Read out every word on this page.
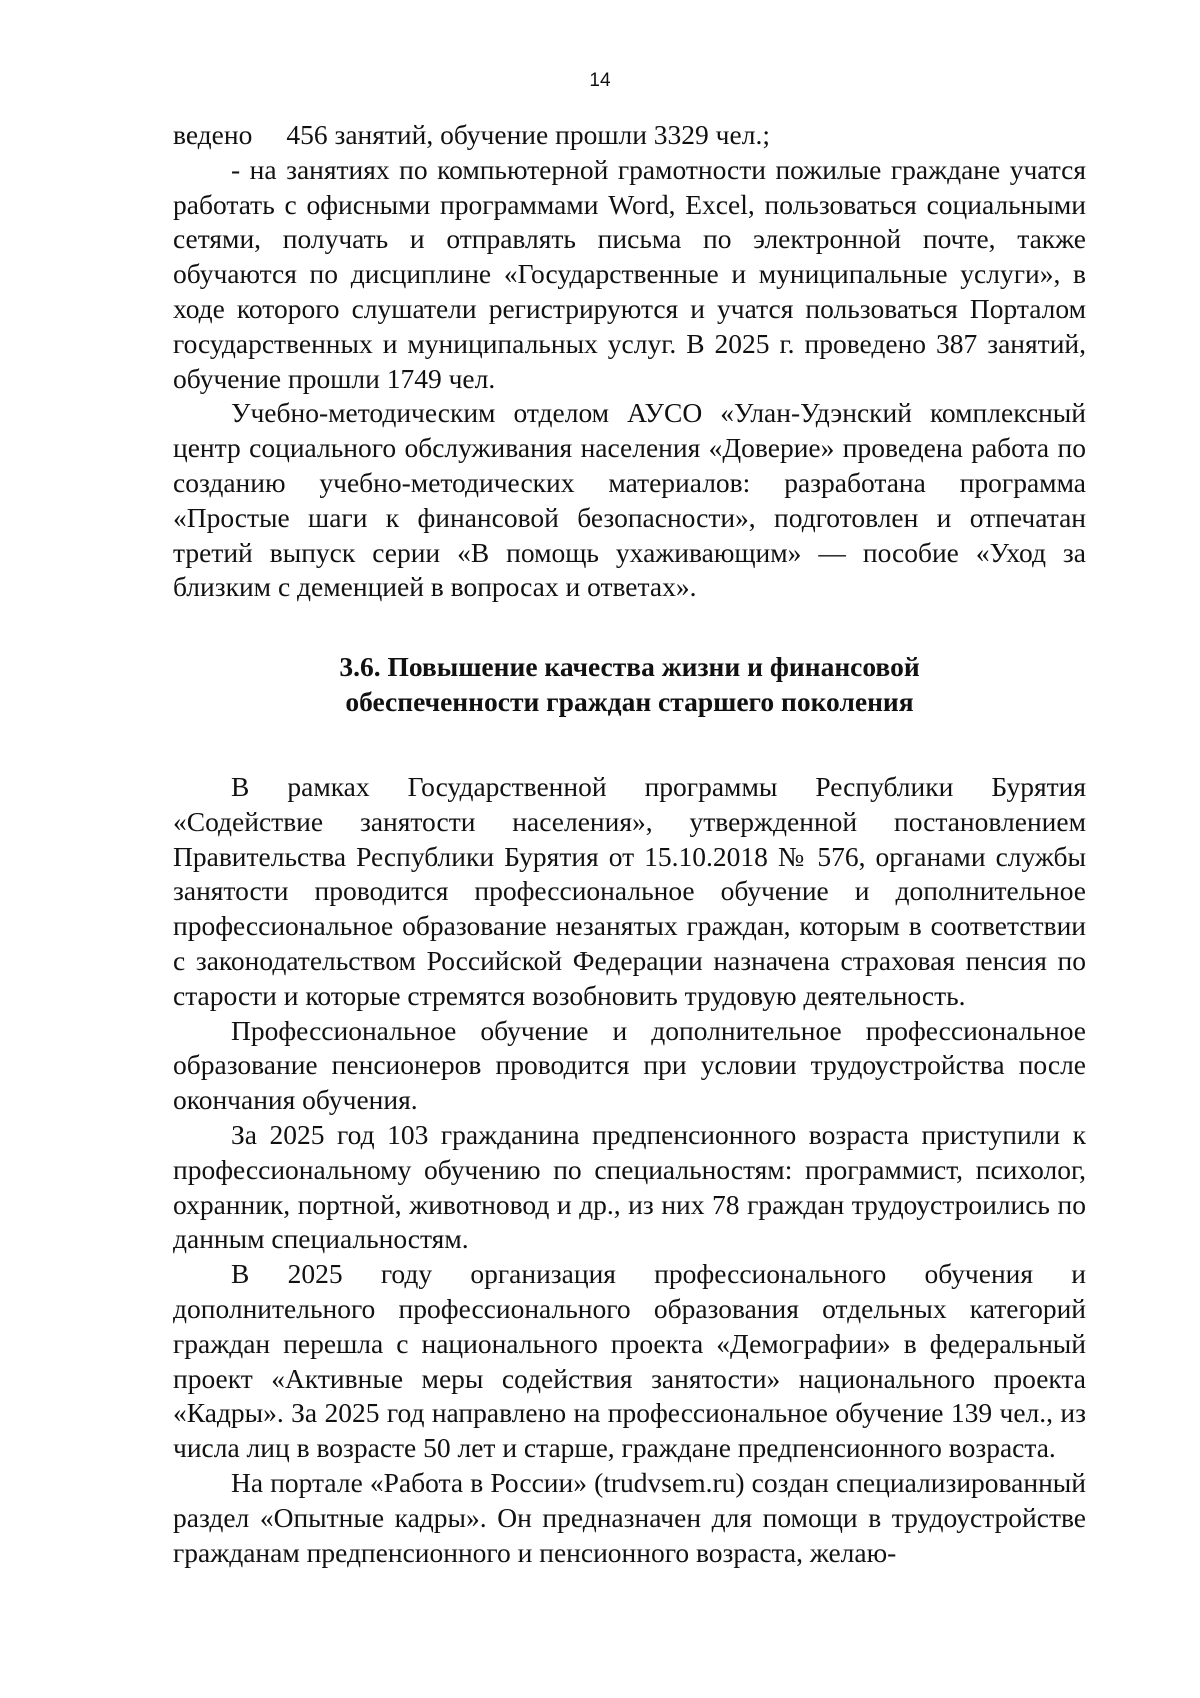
14

ведено 456 занятий, обучение прошли 3329 чел.;

- на занятиях по компьютерной грамотности пожилые граждане учатся работать с офисными программами Word, Excel, пользоваться социальными сетями, получать и отправлять письма по электронной почте, также обучаются по дисциплине «Государственные и муниципальные услуги», в ходе которого слушатели регистрируются и учатся пользоваться Порталом государственных и муниципальных услуг. В 2025 г. проведено 387 занятий, обучение прошли 1749 чел.

Учебно-методическим отделом АУСО «Улан-Удэнский комплексный центр социального обслуживания населения «Доверие» проведена работа по созданию учебно-методических материалов: разработана программа «Простые шаги к финансовой безопасности», подготовлен и отпечатан третий выпуск серии «В помощь ухаживающим» — пособие «Уход за близким с деменцией в вопросах и ответах».

3.6. Повышение качества жизни и финансовой
обеспеченности граждан старшего поколения

В рамках Государственной программы Республики Бурятия «Содействие занятости населения», утвержденной постановлением Правительства Республики Бурятия от 15.10.2018 № 576, органами службы занятости проводится профессиональное обучение и дополнительное профессиональное образование незанятых граждан, которым в соответствии с законодательством Российской Федерации назначена страховая пенсия по старости и которые стремятся возобновить трудовую деятельность.

Профессиональное обучение и дополнительное профессиональное образование пенсионеров проводится при условии трудоустройства после окончания обучения.

За 2025 год 103 гражданина предпенсионного возраста приступили к профессиональному обучению по специальностям: программист, психолог, охранник, портной, животновод и др., из них 78 граждан трудоустроились по данным специальностям.

В 2025 году организация профессионального обучения и дополнительного профессионального образования отдельных категорий граждан перешла с национального проекта «Демографии» в федеральный проект «Активные меры содействия занятости» национального проекта «Кадры». За 2025 год направлено на профессиональное обучение 139 чел., из числа лиц в возрасте 50 лет и старше, граждане предпенсионного возраста.

На портале «Работа в России» (trudvsem.ru) создан специализированный раздел «Опытные кадры». Он предназначен для помощи в трудоустройстве гражданам предпенсионного и пенсионного возраста, желаю-
